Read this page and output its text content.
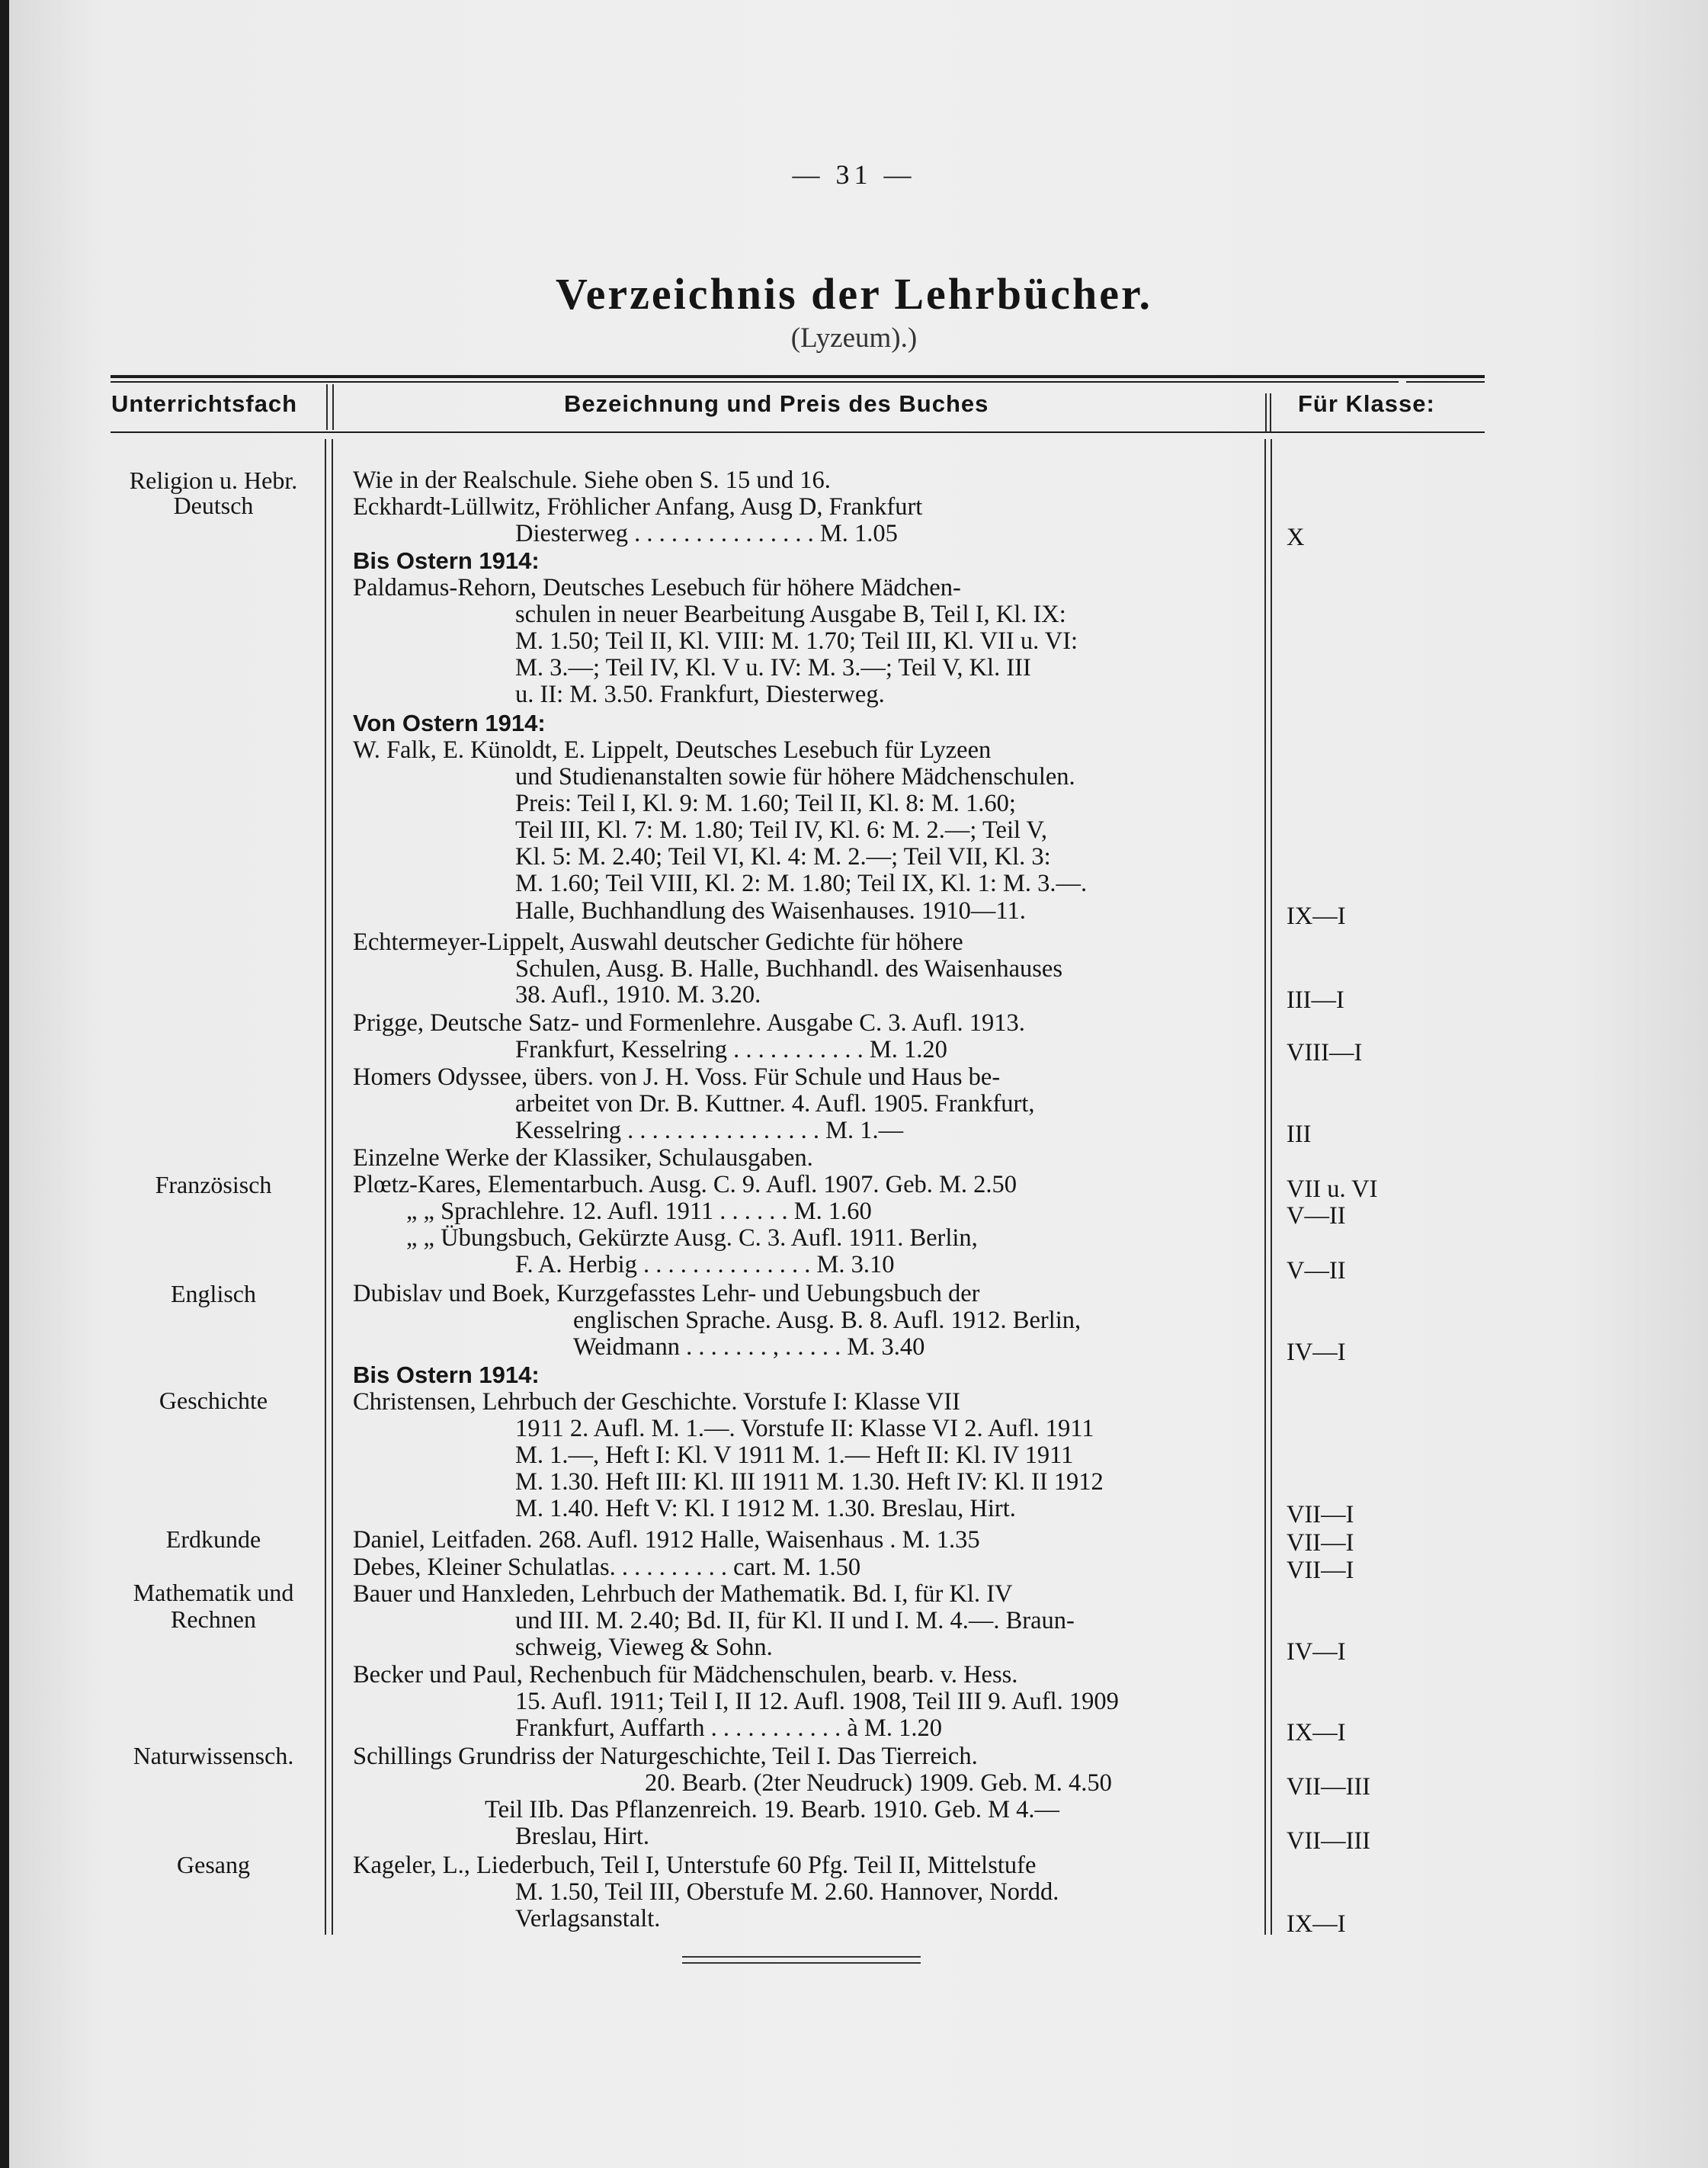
— 31 —
Verzeichnis der Lehrbücher.
(Lyzeum).)
Unterrichtsfach	Bezeichnung und Preis des Buches	Für Klasse:
Religion u. Hebr.
Deutsch
Französisch
Englisch
Geschichte
Erdkunde
Mathematik und
Rechnen
Naturwissensch.
Gesang
Wie in der Realschule. Siehe oben S. 15 und 16.
Eckhardt-Lüllwitz, Fröhlicher Anfang, Ausg D, Frankfurt
Diesterweg . . . . . . . . . . . . . . . M. 1.05
Bis Ostern 1914:
Paldamus-Rehorn, Deutsches Lesebuch für höhere Mädchen-
schulen in neuer Bearbeitung Ausgabe B, Teil I, Kl. IX:
M. 1.50; Teil II, Kl. VIII: M. 1.70; Teil III, Kl. VII u. VI:
M. 3.—; Teil IV, Kl. V u. IV: M. 3.—; Teil V, Kl. III
u. II: M. 3.50. Frankfurt, Diesterweg.
Von Ostern 1914:
W. Falk, E. Künoldt, E. Lippelt, Deutsches Lesebuch für Lyzeen
und Studienanstalten sowie für höhere Mädchenschulen.
Preis: Teil I, Kl. 9: M. 1.60; Teil II, Kl. 8: M. 1.60;
Teil III, Kl. 7: M. 1.80; Teil IV, Kl. 6: M. 2.—; Teil V,
Kl. 5: M. 2.40; Teil VI, Kl. 4: M. 2.—; Teil VII, Kl. 3:
M. 1.60; Teil VIII, Kl. 2: M. 1.80; Teil IX, Kl. 1: M. 3.—.
Halle, Buchhandlung des Waisenhauses. 1910—11.
Echtermeyer-Lippelt, Auswahl deutscher Gedichte für höhere
Schulen, Ausg. B. Halle, Buchhandl. des Waisenhauses
38. Aufl., 1910. M. 3.20.
Prigge, Deutsche Satz- und Formenlehre. Ausgabe C. 3. Aufl. 1913.
Frankfurt, Kesselring . . . . . . . . . . . M. 1.20
Homers Odyssee, übers. von J. H. Voss. Für Schule und Haus be-
arbeitet von Dr. B. Kuttner. 4. Aufl. 1905. Frankfurt,
Kesselring . . . . . . . . . . . . . . . . M. 1.—
Einzelne Werke der Klassiker, Schulausgaben.
Plœtz-Kares, Elementarbuch. Ausg. C. 9. Aufl. 1907. Geb. M. 2.50
„ „ Sprachlehre. 12. Aufl. 1911 . . . . . . M. 1.60
„ „ Übungsbuch, Gekürzte Ausg. C. 3. Aufl. 1911. Berlin,
F. A. Herbig . . . . . . . . . . . . . . M. 3.10
Dubislav und Boek, Kurzgefasstes Lehr- und Uebungsbuch der
englischen Sprache. Ausg. B. 8. Aufl. 1912. Berlin,
Weidmann . . . . . . . , . . . . . M. 3.40
Bis Ostern 1914:
Christensen, Lehrbuch der Geschichte. Vorstufe I: Klasse VII
1911 2. Aufl. M. 1.—. Vorstufe II: Klasse VI 2. Aufl. 1911
M. 1.—, Heft I: Kl. V 1911 M. 1.— Heft II: Kl. IV 1911
M. 1.30. Heft III: Kl. III 1911 M. 1.30. Heft IV: Kl. II 1912
M. 1.40. Heft V: Kl. I 1912 M. 1.30. Breslau, Hirt.
Daniel, Leitfaden. 268. Aufl. 1912 Halle, Waisenhaus . M. 1.35
Debes, Kleiner Schulatlas. . . . . . . . . . cart. M. 1.50
Bauer und Hanxleden, Lehrbuch der Mathematik. Bd. I, für Kl. IV
und III. M. 2.40; Bd. II, für Kl. II und I. M. 4.—. Braun-
schweig, Vieweg & Sohn.
Becker und Paul, Rechenbuch für Mädchenschulen, bearb. v. Hess.
15. Aufl. 1911; Teil I, II 12. Aufl. 1908, Teil III 9. Aufl. 1909
Frankfurt, Auffarth . . . . . . . . . . . à M. 1.20
Schillings Grundriss der Naturgeschichte, Teil I. Das Tierreich.
20. Bearb. (2ter Neudruck) 1909. Geb. M. 4.50
Teil IIb. Das Pflanzenreich. 19. Bearb. 1910. Geb. M 4.—
Breslau, Hirt.
Kageler, L., Liederbuch, Teil I, Unterstufe 60 Pfg. Teil II, Mittelstufe
M. 1.50, Teil III, Oberstufe M. 2.60. Hannover, Nordd.
Verlagsanstalt.
X
IX—I
III—I
VIII—I
III
VII u. VI
V—II
V—II
IV—I
VII—I
VII—I
VII—I
IV—I
IX—I
VII—III
VII—III
IX—I
